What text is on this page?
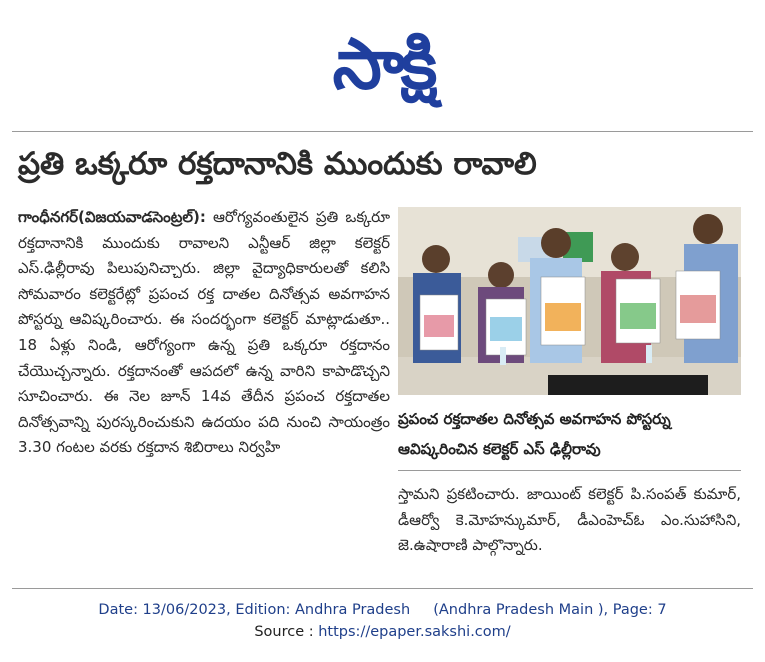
సాక్షి
ప్రతి ఒక్కరూ రక్తదానానికి ముందుకు రావాలి
గాంధీనగర్(విజయవాడసెంట్రల్): ఆరోగ్యవంతులైన ప్రతి ఒక్కరూ రక్తదానానికి ముందుకు రావాలని ఎన్టీఆర్ జిల్లా కలెక్టర్ ఎస్.ఢిల్లీరావు పిలుపునిచ్చారు. జిల్లా వైద్యాధికారులతో కలిసి సోమవారం కలెక్టరేట్లో ప్రపంచ రక్త దాతల దినోత్సవ అవగాహన పోస్టర్ను ఆవిష్కరించారు. ఈ సందర్భంగా కలెక్టర్ మాట్లాడుతూ.. 18 ఏళ్లు నిండి, ఆరోగ్యంగా ఉన్న ప్రతి ఒక్కరూ రక్తదానం చేయొచ్చన్నారు. రక్తదానంతో ఆపదలో ఉన్న వారిని కాపాడొచ్చని సూచించారు. ఈ నెల జూన్ 14వ తేదీన ప్రపంచ రక్తదాతల దినోత్సవాన్ని పురస్కరించుకుని ఉదయం పది నుంచి సాయంత్రం 3.30 గంటల వరకు రక్తదాన శిబిరాలు నిర్వహి
ప్రపంచ రక్తదాతల దినోత్సవ అవగాహన పోస్టర్ను ఆవిష్కరించిన కలెక్టర్ ఎస్ ఢిల్లీరావు
స్తామని ప్రకటించారు. జాయింట్ కలెక్టర్ పి.సంపత్ కుమార్, డీఆర్వో కె.మోహన్కుమార్, డీఎంహెచ్ఓ ఎం.సుహాసిని, జె.ఉషారాణి పాల్గొన్నారు.
Date: 13/06/2023, Edition: Andhra Pradesh     (Andhra Pradesh Main ), Page: 7
Source : https://epaper.sakshi.com/
